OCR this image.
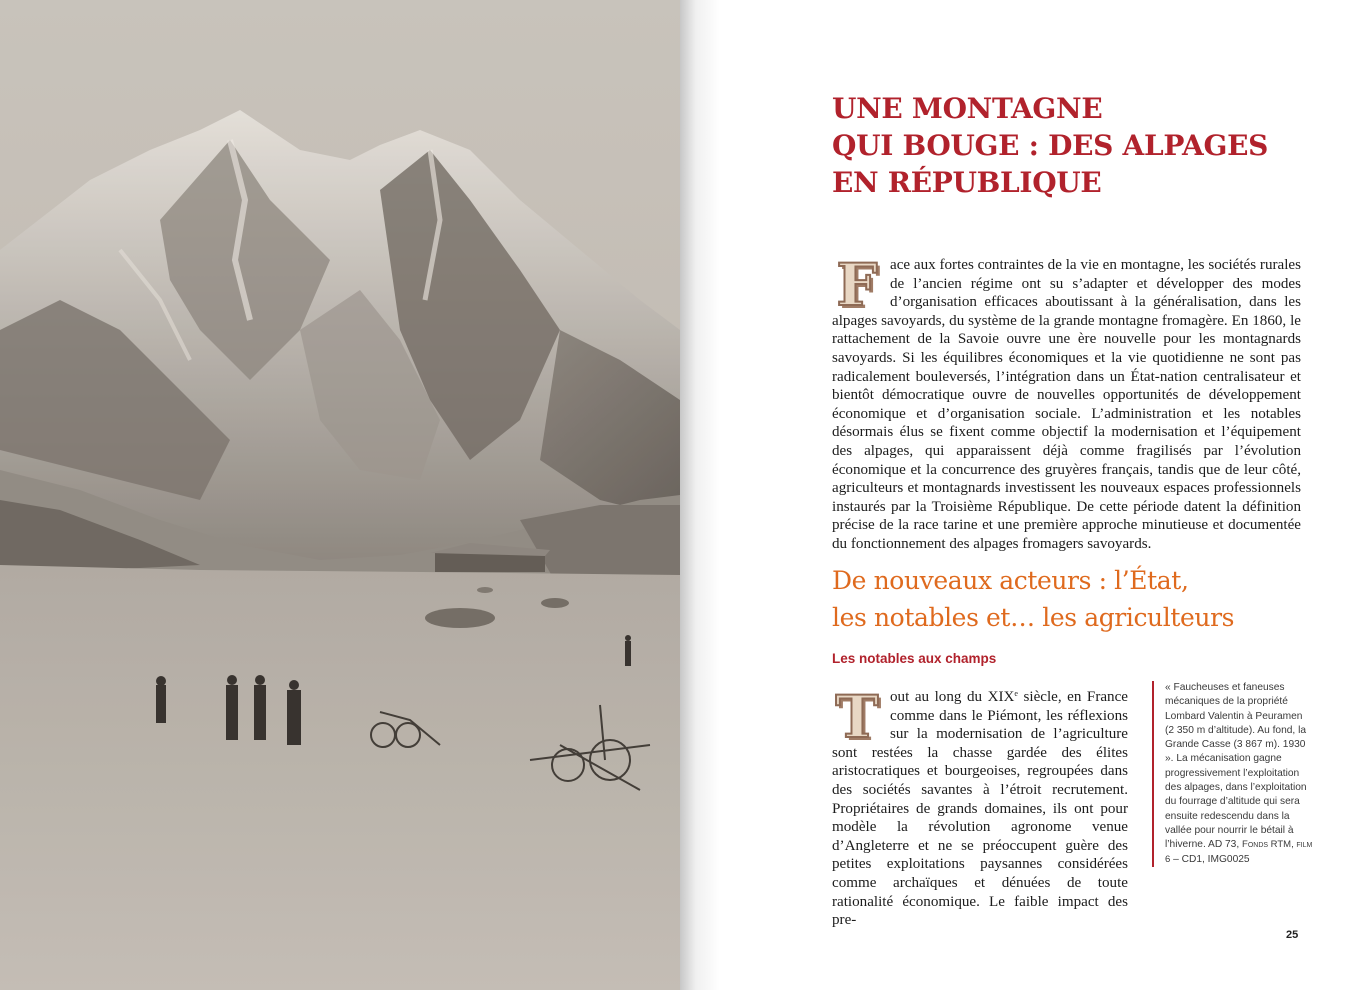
UNE MONTAGNE
QUI BOUGE : DES ALPAGES
EN RÉPUBLIQUE

F ace aux fortes contraintes de la vie en montagne, les sociétés rurales de l’ancien régime ont su s’adapter et développer des modes d’organisation efficaces aboutissant à la généralisation, dans les alpages savoyards, du système de la grande montagne fromagère. En 1860, le rattachement de la Savoie ouvre une ère nouvelle pour les montagnards savoyards. Si les équilibres économiques et la vie quotidienne ne sont pas radicalement bouleversés, l’intégration dans un État-nation centralisateur et bientôt démocratique ouvre de nouvelles opportunités de développement économique et d’organisation sociale. L’administration et les notables désormais élus se fixent comme objectif la modernisation et l’équipement des alpages, qui apparaissent déjà comme fragilisés par l’évolution économique et la concurrence des gruyères français, tandis que de leur côté, agriculteurs et montagnards investissent les nouveaux espaces professionnels instaurés par la Troisième République. De cette période datent la définition précise de la race tarine et une première approche minutieuse et documentée du fonctionnement des alpages fromagers savoyards.

De nouveaux acteurs : l’État,
les notables et… les agriculteurs
Les notables aux champs

T out au long du XIXe siècle, en France comme dans le Piémont, les réflexions sur la modernisation de l’agriculture sont restées la chasse gardée des élites aristocratiques et bourgeoises, regroupées dans des sociétés savantes à l’étroit recrutement. Propriétaires de grands domaines, ils ont pour modèle la révolution agronome venue d’Angleterre et ne se préoccupent guère des petites exploitations paysannes considérées comme archaïques et dénuées de toute rationalité économique. Le faible impact des pre-

« Faucheuses et faneuses mécaniques de la propriété Lombard Valentin à Peuramen (2 350 m d’altitude). Au fond, la Grande Casse (3 867 m). 1930 ». La mécanisation gagne progressivement l’exploitation des alpages, dans l’exploitation du fourrage d’altitude qui sera ensuite redescendu dans la vallée pour nourrir le bétail à l’hiverne. AD 73, Fonds RTM, film 6 – CD1, IMG0025

25
